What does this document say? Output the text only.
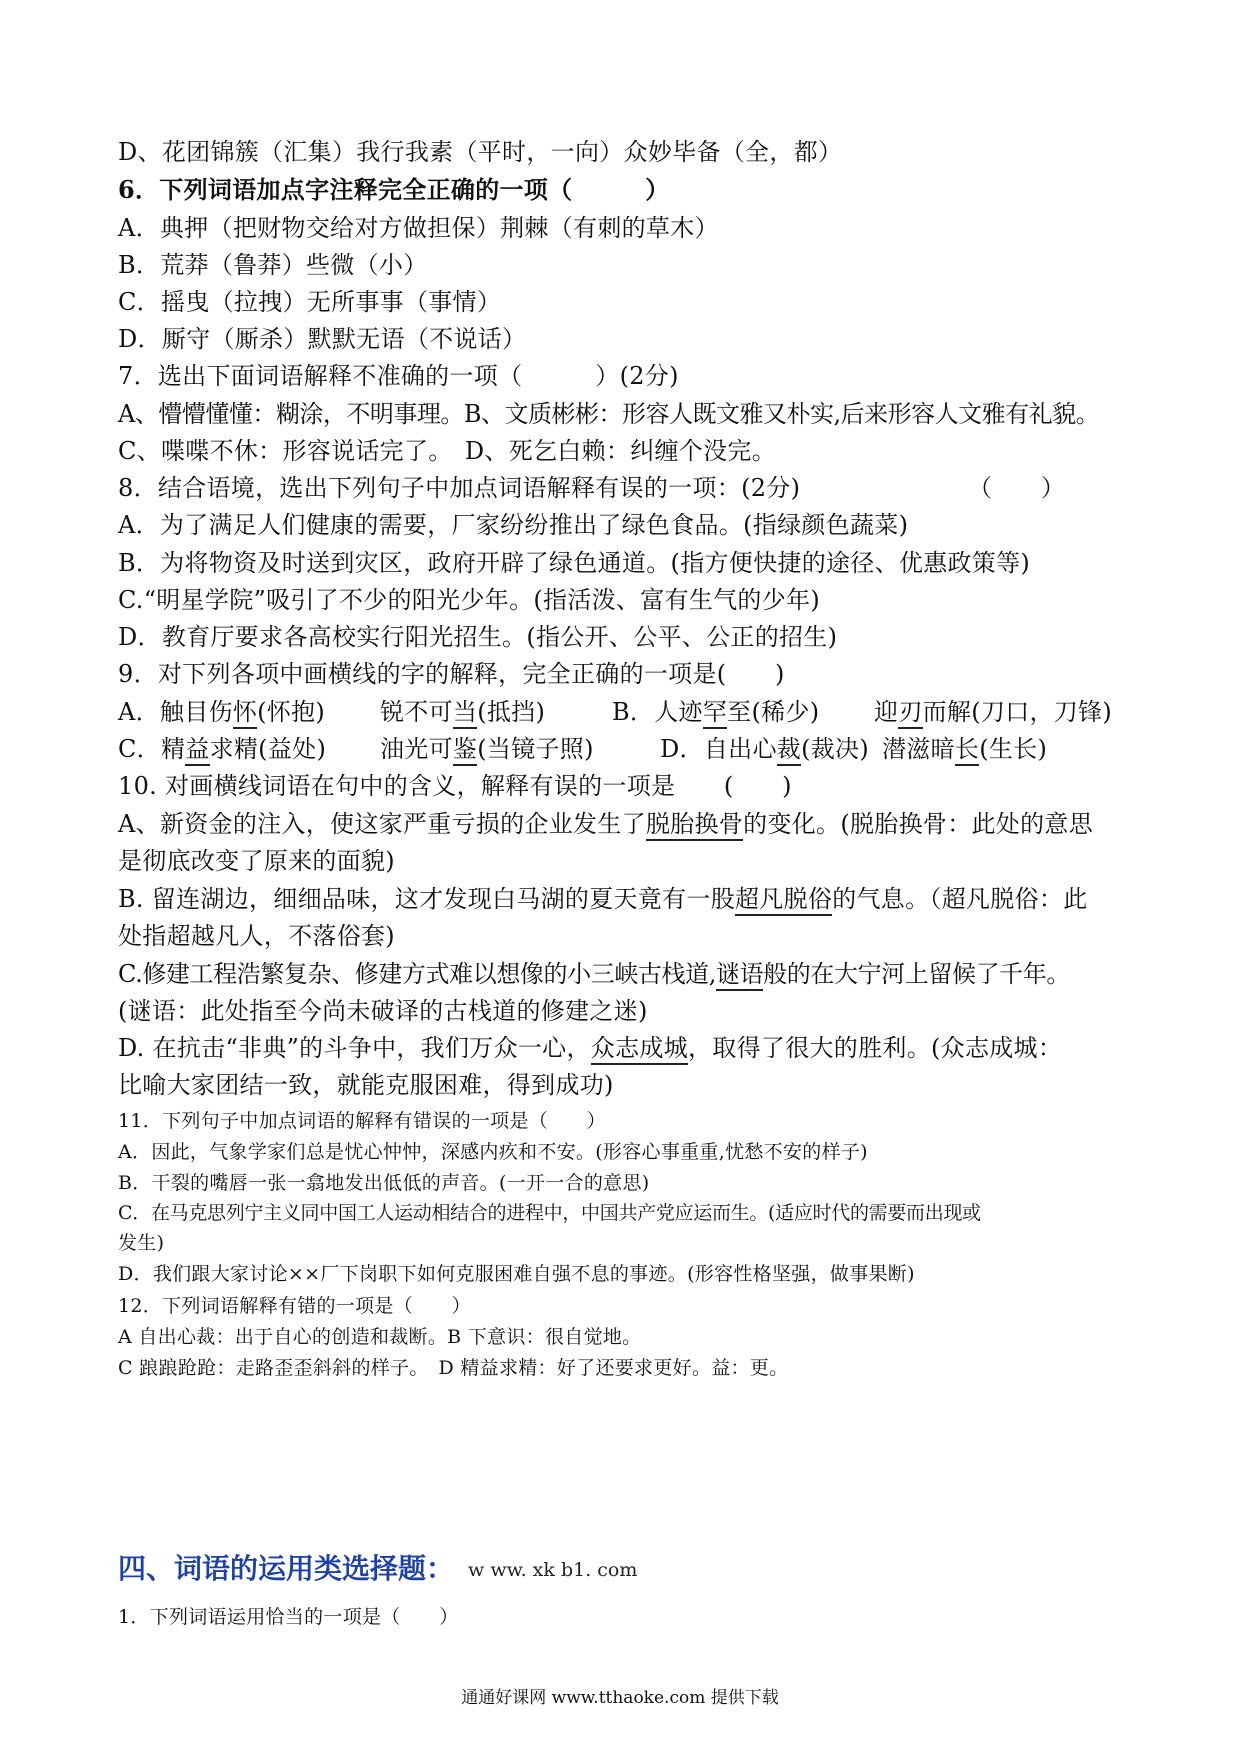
D、花团锦簇（汇集）我行我素（平时，一向）众妙毕备（全，都）
6．下列词语加点字注释完全正确的一项（　　　）
A．典押（把财物交给对方做担保）荆棘（有刺的草木）
B．荒莽（鲁莽）些微（小）
C．摇曳（拉拽）无所事事（事情）
D．厮守（厮杀）默默无语（不说话）
7．选出下面词语解释不准确的一项（　　　）(2分)
A、懵懵懂懂：糊涂，不明事理。B、文质彬彬：形容人既文雅又朴实,后来形容人文雅有礼貌。
C、喋喋不休：形容说话完了。　D、死乞白赖：纠缠个没完。
8．结合语境，选出下列句子中加点词语解释有误的一项：(2分)	（　　）
A．为了满足人们健康的需要，厂家纷纷推出了绿色食品。(指绿颜色蔬菜)
B．为将物资及时送到灾区，政府开辟了绿色通道。(指方便快捷的途径、优惠政策等)
C.“明星学院”吸引了不少的阳光少年。(指活泼、富有生气的少年)
D．教育厅要求各高校实行阳光招生。(指公开、公平、公正的招生)
9．对下列各项中画横线的字的解释，完全正确的一项是(　　)
A．触目伤怀(怀抱) 锐不可当(抵挡)	B．人迹罕至(稀少) 迎刃而解(刀口，刀锋)
C．精益求精(益处) 油光可鉴(当镜子照)	D．自出心裁(裁决) 潜滋暗长(生长)
10. 对画横线词语在句中的含义，解释有误的一项是　　(　　)
A、新资金的注入，使这家严重亏损的企业发生了脱胎换骨的变化。(脱胎换骨：此处的意思
是彻底改变了原来的面貌)
B. 留连湖边，细细品味，这才发现白马湖的夏天竟有一股超凡脱俗的气息。（超凡脱俗：此
处指超越凡人，不落俗套)
C.修建工程浩繁复杂、修建方式难以想像的小三峡古栈道,谜语般的在大宁河上留候了千年。
(谜语：此处指至今尚未破译的古栈道的修建之迷)
D. 在抗击“非典”的斗争中，我们万众一心，众志成城，取得了很大的胜利。(众志成城：
比喻大家团结一致，就能克服困难，得到成功)
11．下列句子中加点词语的解释有错误的一项是（　　）
A．因此，气象学家们总是忧心忡忡，深感内疚和不安。(形容心事重重,忧愁不安的样子)
B．干裂的嘴唇一张一翕地发出低低的声音。(一开一合的意思)
C．在马克思列宁主义同中国工人运动相结合的进程中，中国共产党应运而生。(适应时代的需要而出现或
发生)
D．我们跟大家讨论××厂下岗职下如何克服困难自强不息的事迹。(形容性格坚强，做事果断)
12．下列词语解释有错的一项是（　　）
A 自出心裁：出于自心的创造和裁断。B 下意识：很自觉地。
C 踉踉跄跄：走路歪歪斜斜的样子。　D 精益求精：好了还要求更好。益：更。
四、词语的运用类选择题： w ww. xk b1. com
1．下列词语运用恰当的一项是（　　）
通通好课网 www.tthaoke.com 提供下载
